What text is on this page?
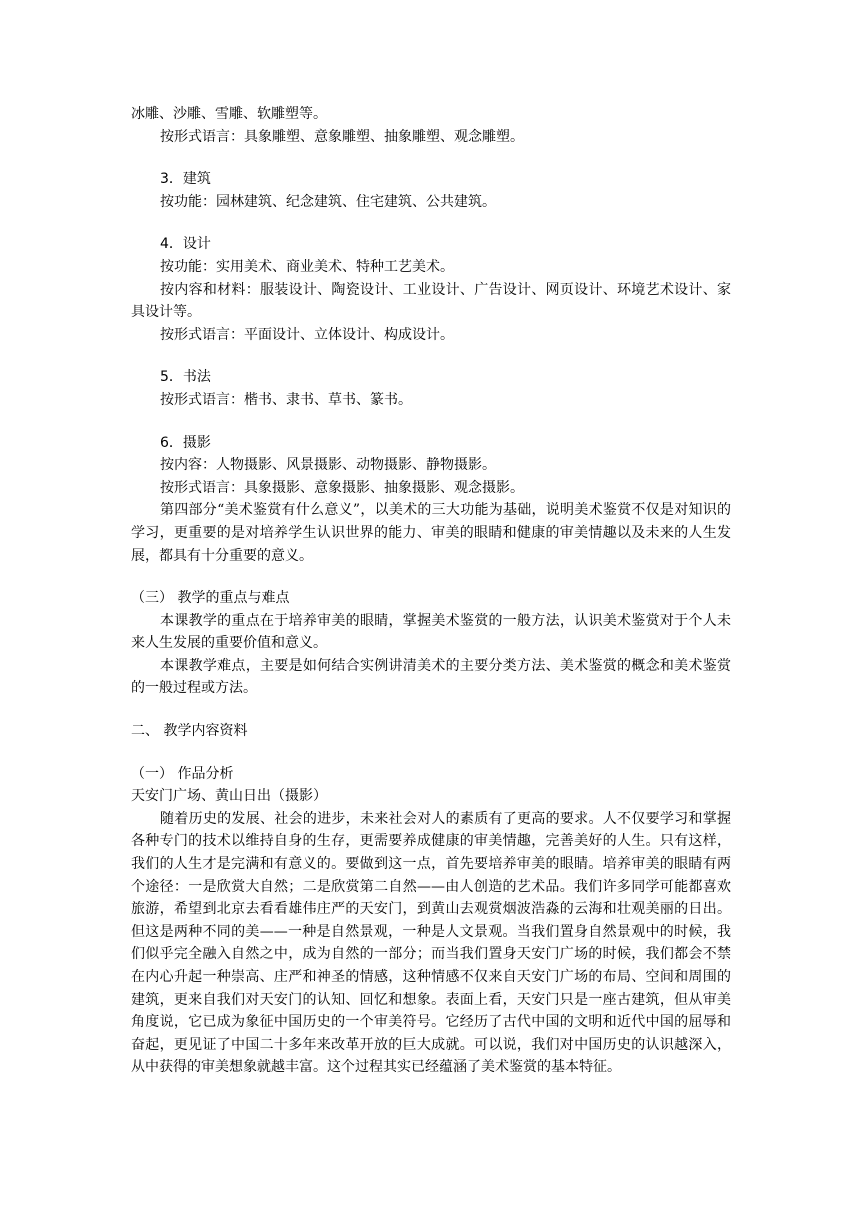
冰雕、沙雕、雪雕、软雕塑等。
按形式语言：具象雕塑、意象雕塑、抽象雕塑、观念雕塑。
3．建筑
按功能：园林建筑、纪念建筑、住宅建筑、公共建筑。
4．设计
按功能：实用美术、商业美术、特种工艺美术。
按内容和材料：服装设计、陶瓷设计、工业设计、广告设计、网页设计、环境艺术设计、家具设计等。
按形式语言：平面设计、立体设计、构成设计。
5．书法
按形式语言：楷书、隶书、草书、篆书。
6．摄影
按内容：人物摄影、风景摄影、动物摄影、静物摄影。
按形式语言：具象摄影、意象摄影、抽象摄影、观念摄影。
第四部分“美术鉴赏有什么意义”，以美术的三大功能为基础，说明美术鉴赏不仅是对知识的学习，更重要的是对培养学生认识世界的能力、审美的眼睛和健康的审美情趣以及未来的人生发展，都具有十分重要的意义。
（三） 教学的重点与难点
本课教学的重点在于培养审美的眼睛，掌握美术鉴赏的一般方法，认识美术鉴赏对于个人未来人生发展的重要价值和意义。
本课教学难点，主要是如何结合实例讲清美术的主要分类方法、美术鉴赏的概念和美术鉴赏的一般过程或方法。
二、 教学内容资料
（一） 作品分析
天安门广场、黄山日出（摄影）
随着历史的发展、社会的进步，未来社会对人的素质有了更高的要求。人不仅要学习和掌握各种专门的技术以维持自身的生存，更需要养成健康的审美情趣，完善美好的人生。只有这样，我们的人生才是完满和有意义的。要做到这一点，首先要培养审美的眼睛。培养审美的眼睛有两个途径：一是欣赏大自然；二是欣赏第二自然——由人创造的艺术品。我们许多同学可能都喜欢旅游，希望到北京去看看雄伟庄严的天安门，到黄山去观赏烟波浩淼的云海和壮观美丽的日出。但这是两种不同的美——一种是自然景观，一种是人文景观。当我们置身自然景观中的时候，我们似乎完全融入自然之中，成为自然的一部分；而当我们置身天安门广场的时候，我们都会不禁在内心升起一种崇高、庄严和神圣的情感，这种情感不仅来自天安门广场的布局、空间和周围的建筑，更来自我们对天安门的认知、回忆和想象。表面上看，天安门只是一座古建筑，但从审美角度说，它已成为象征中国历史的一个审美符号。它经历了古代中国的文明和近代中国的屈辱和奋起，更见证了中国二十多年来改革开放的巨大成就。可以说，我们对中国历史的认识越深入，从中获得的审美想象就越丰富。这个过程其实已经蕴涵了美术鉴赏的基本特征。
